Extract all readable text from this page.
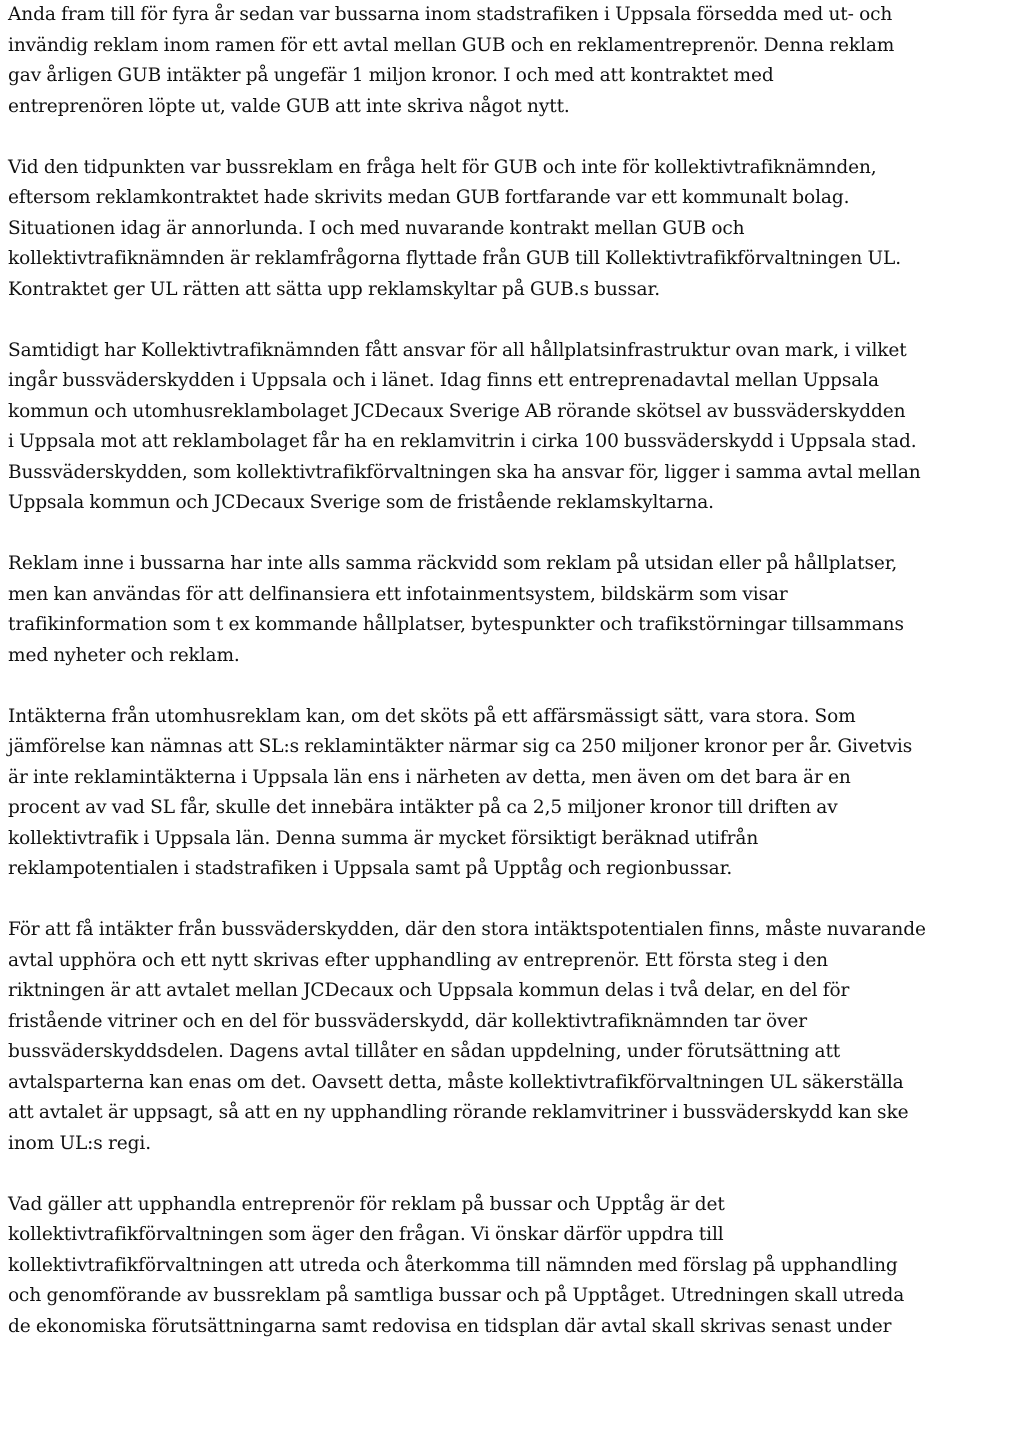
Anda fram till för fyra år sedan var bussarna inom stadstrafiken i Uppsala försedda med ut- och
invändig reklam inom ramen för ett avtal mellan GUB och en reklamentreprenör. Denna reklam
gav årligen GUB intäkter på ungefär 1 miljon kronor. I och med att kontraktet med
entreprenören löpte ut, valde GUB att inte skriva något nytt.

Vid den tidpunkten var bussreklam en fråga helt för GUB och inte för kollektivtrafiknämnden,
eftersom reklamkontraktet hade skrivits medan GUB fortfarande var ett kommunalt bolag.
Situationen idag är annorlunda. I och med nuvarande kontrakt mellan GUB och
kollektivtrafiknämnden är reklamfrågorna flyttade från GUB till Kollektivtrafikförvaltningen UL.
Kontraktet ger UL rätten att sätta upp reklamskyltar på GUB.s bussar.

Samtidigt har Kollektivtrafiknämnden fått ansvar för all hållplatsinfrastruktur ovan mark, i vilket
ingår bussväderskydden i Uppsala och i länet. Idag finns ett entreprenadavtal mellan Uppsala
kommun och utomhusreklambolaget JCDecaux Sverige AB rörande skötsel av bussväderskydden
i Uppsala mot att reklambolaget får ha en reklamvitrin i cirka 100 bussväderskydd i Uppsala stad.
Bussväderskydden, som kollektivtrafikförvaltningen ska ha ansvar för, ligger i samma avtal mellan
Uppsala kommun och JCDecaux Sverige som de fristående reklamskyltarna.

Reklam inne i bussarna har inte alls samma räckvidd som reklam på utsidan eller på hållplatser,
men kan användas för att delfinansiera ett infotainmentsystem, bildskärm som visar
trafikinformation som t ex kommande hållplatser, bytespunkter och trafikstörningar tillsammans
med nyheter och reklam.

Intäkterna från utomhusreklam kan, om det sköts på ett affärsmässigt sätt, vara stora. Som
jämförelse kan nämnas att SL:s reklamintäkter närmar sig ca 250 miljoner kronor per år. Givetvis
är inte reklamintäkterna i Uppsala län ens i närheten av detta, men även om det bara är en
procent av vad SL får, skulle det innebära intäkter på ca 2,5 miljoner kronor till driften av
kollektivtrafik i Uppsala län. Denna summa är mycket försiktigt beräknad utifrån
reklampotentialen i stadstrafiken i Uppsala samt på Upptåg och regionbussar.

För att få intäkter från bussväderskydden, där den stora intäktspotentialen finns, måste nuvarande
avtal upphöra och ett nytt skrivas efter upphandling av entreprenör. Ett första steg i den
riktningen är att avtalet mellan JCDecaux och Uppsala kommun delas i två delar, en del för
fristående vitriner och en del för bussväderskydd, där kollektivtrafiknämnden tar över
bussväderskyddsdelen. Dagens avtal tillåter en sådan uppdelning, under förutsättning att
avtalsparterna kan enas om det. Oavsett detta, måste kollektivtrafikförvaltningen UL säkerställa
att avtalet är uppsagt, så att en ny upphandling rörande reklamvitriner i bussväderskydd kan ske
inom UL:s regi.

Vad gäller att upphandla entreprenör för reklam på bussar och Upptåg är det
kollektivtrafikförvaltningen som äger den frågan. Vi önskar därför uppdra till
kollektivtrafikförvaltningen att utreda och återkomma till nämnden med förslag på upphandling
och genomförande av bussreklam på samtliga bussar och på Upptåget. Utredningen skall utreda
de ekonomiska förutsättningarna samt redovisa en tidsplan där avtal skall skrivas senast under
